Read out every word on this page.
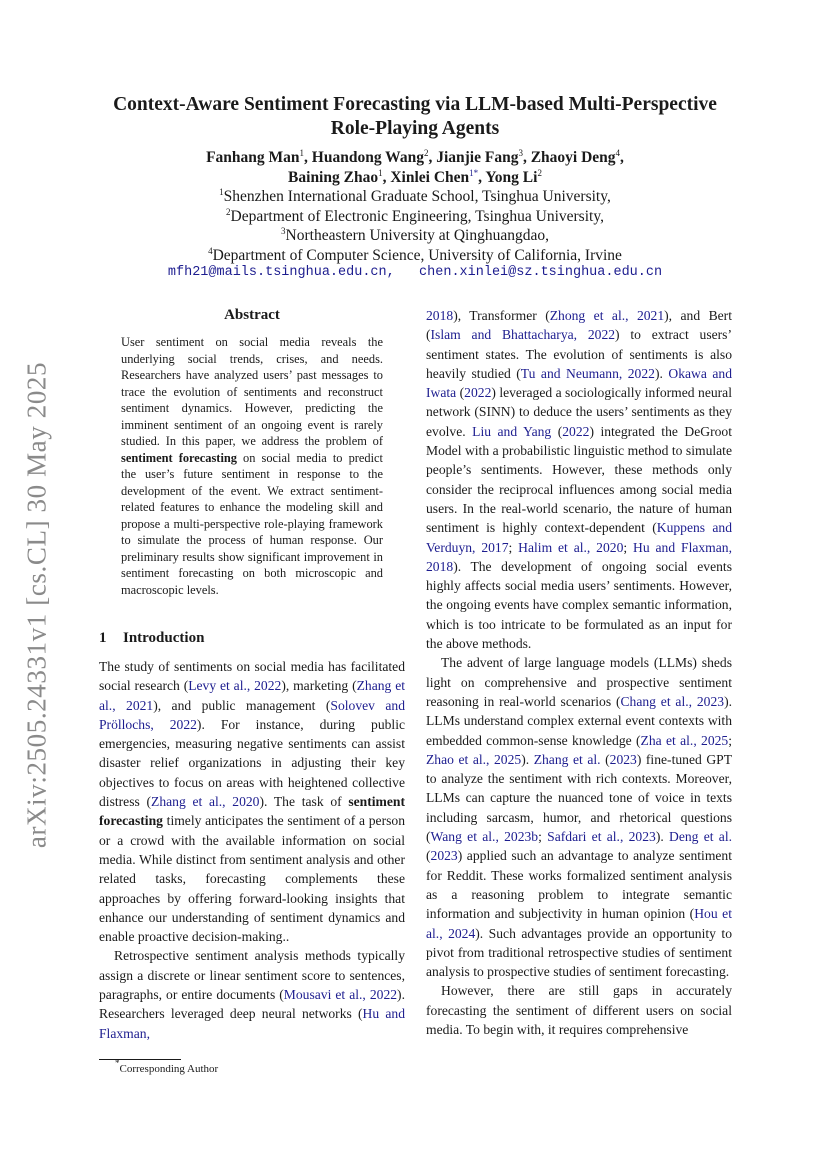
arXiv:2505.24331v1 [cs.CL] 30 May 2025
Context-Aware Sentiment Forecasting via LLM-based Multi-Perspective
Role-Playing Agents
Fanhang Man$^1$, Huandong Wang$^2$, Jianjie Fang$^3$, Zhaoyi Deng$^4$,
Baining Zhao$^1$, Xinlei Chen$^{1*}$, Yong Li$^2$
$^1$Shenzhen International Graduate School, Tsinghua University,
$^2$Department of Electronic Engineering, Tsinghua University,
$^3$Northeastern University at Qinghuangdao,
$^4$Department of Computer Science, University of California, Irvine
mfh21@mails.tsinghua.edu.cn, chen.xinlei@sz.tsinghua.edu.cn
Abstract
User sentiment on social media reveals the underlying social trends, crises, and needs. Researchers have analyzed users’ past messages to trace the evolution of sentiments and reconstruct sentiment dynamics. However, predicting the imminent sentiment of an ongoing event is rarely studied. In this paper, we address the problem of sentiment forecasting on social media to predict the user’s future sentiment in response to the development of the event. We extract sentiment-related features to enhance the modeling skill and propose a multi-perspective role-playing framework to simulate the process of human response. Our preliminary results show significant improvement in sentiment forecasting on both microscopic and macroscopic levels.
1 Introduction

The study of sentiments on social media has facilitated social research (Levy et al., 2022), marketing (Zhang et al., 2021), and public management (Solovev and Pröllochs, 2022). For instance, during public emergencies, measuring negative sentiments can assist disaster relief organizations in adjusting their key objectives to focus on areas with heightened collective distress (Zhang et al., 2020). The task of sentiment forecasting timely anticipates the sentiment of a person or a crowd with the available information on social media. While distinct from sentiment analysis and other related tasks, forecasting complements these approaches by offering forward-looking insights that enhance our understanding of sentiment dynamics and enable proactive decision-making..

Retrospective sentiment analysis methods typically assign a discrete or linear sentiment score to sentences, paragraphs, or entire documents (Mousavi et al., 2022). Researchers leveraged deep neural networks (Hu and Flaxman,

*Corresponding Author

2018), Transformer (Zhong et al., 2021), and Bert (Islam and Bhattacharya, 2022) to extract users’ sentiment states. The evolution of sentiments is also heavily studied (Tu and Neumann, 2022). Okawa and Iwata (2022) leveraged a sociologically informed neural network (SINN) to deduce the users’ sentiments as they evolve. Liu and Yang (2022) integrated the DeGroot Model with a probabilistic linguistic method to simulate people’s sentiments. However, these methods only consider the reciprocal influences among social media users. In the real-world scenario, the nature of human sentiment is highly context-dependent (Kuppens and Verduyn, 2017; Halim et al., 2020; Hu and Flaxman, 2018). The development of ongoing social events highly affects social media users’ sentiments. However, the ongoing events have complex semantic information, which is too intricate to be formulated as an input for the above methods.

The advent of large language models (LLMs) sheds light on comprehensive and prospective sentiment reasoning in real-world scenarios (Chang et al., 2023). LLMs understand complex external event contexts with embedded common-sense knowledge (Zha et al., 2025; Zhao et al., 2025). Zhang et al. (2023) fine-tuned GPT to analyze the sentiment with rich contexts. Moreover, LLMs can capture the nuanced tone of voice in texts including sarcasm, humor, and rhetorical questions (Wang et al., 2023b; Safdari et al., 2023). Deng et al. (2023) applied such an advantage to analyze sentiment for Reddit. These works formalized sentiment analysis as a reasoning problem to integrate semantic information and subjectivity in human opinion (Hou et al., 2024). Such advantages provide an opportunity to pivot from traditional retrospective studies of sentiment analysis to prospective studies of sentiment forecasting.

However, there are still gaps in accurately forecasting the sentiment of different users on social media. To begin with, it requires comprehensive
